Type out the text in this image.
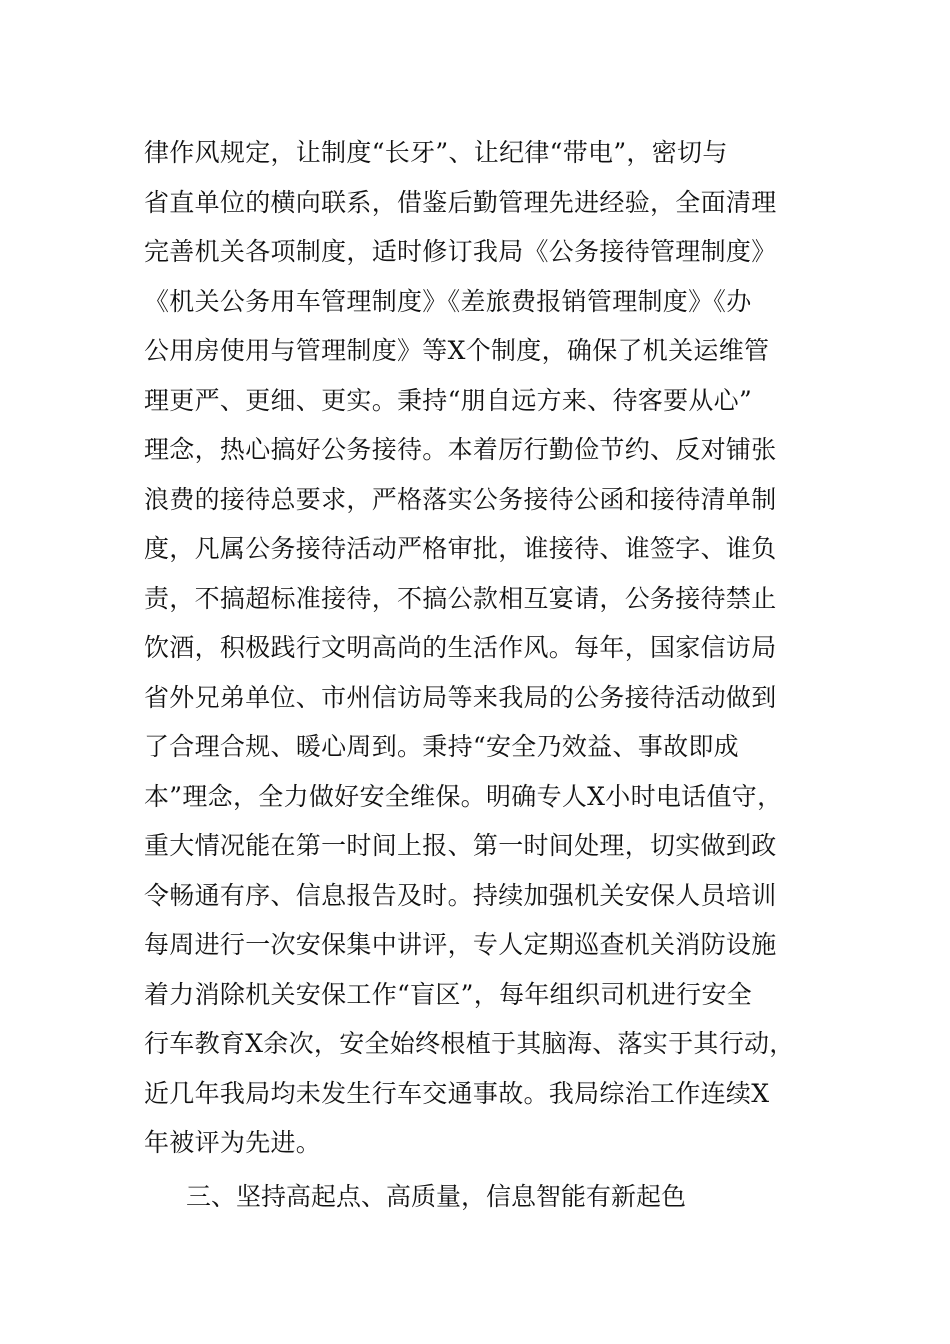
律作风规定，让制度“长牙”、让纪律“带电”，密切与
省直单位的横向联系，借鉴后勤管理先进经验，全面清理
完善机关各项制度，适时修订我局《公务接待管理制度》
《机关公务用车管理制度》《差旅费报销管理制度》《办
公用房使用与管理制度》等X个制度，确保了机关运维管
理更严、更细、更实。秉持“朋自远方来、待客要从心”
理念，热心搞好公务接待。本着厉行勤俭节约、反对铺张
浪费的接待总要求，严格落实公务接待公函和接待清单制
度，凡属公务接待活动严格审批，谁接待、谁签字、谁负
责，不搞超标准接待，不搞公款相互宴请，公务接待禁止
饮酒，积极践行文明高尚的生活作风。每年，国家信访局
省外兄弟单位、市州信访局等来我局的公务接待活动做到
了合理合规、暖心周到。秉持“安全乃效益、事故即成
本”理念，全力做好安全维保。明确专人X小时电话值守，
重大情况能在第一时间上报、第一时间处理，切实做到政
令畅通有序、信息报告及时。持续加强机关安保人员培训
每周进行一次安保集中讲评，专人定期巡查机关消防设施
着力消除机关安保工作“盲区”，每年组织司机进行安全
行车教育X余次，安全始终根植于其脑海、落实于其行动，
近几年我局均未发生行车交通事故。我局综治工作连续X
年被评为先进。
三、坚持高起点、高质量，信息智能有新起色
